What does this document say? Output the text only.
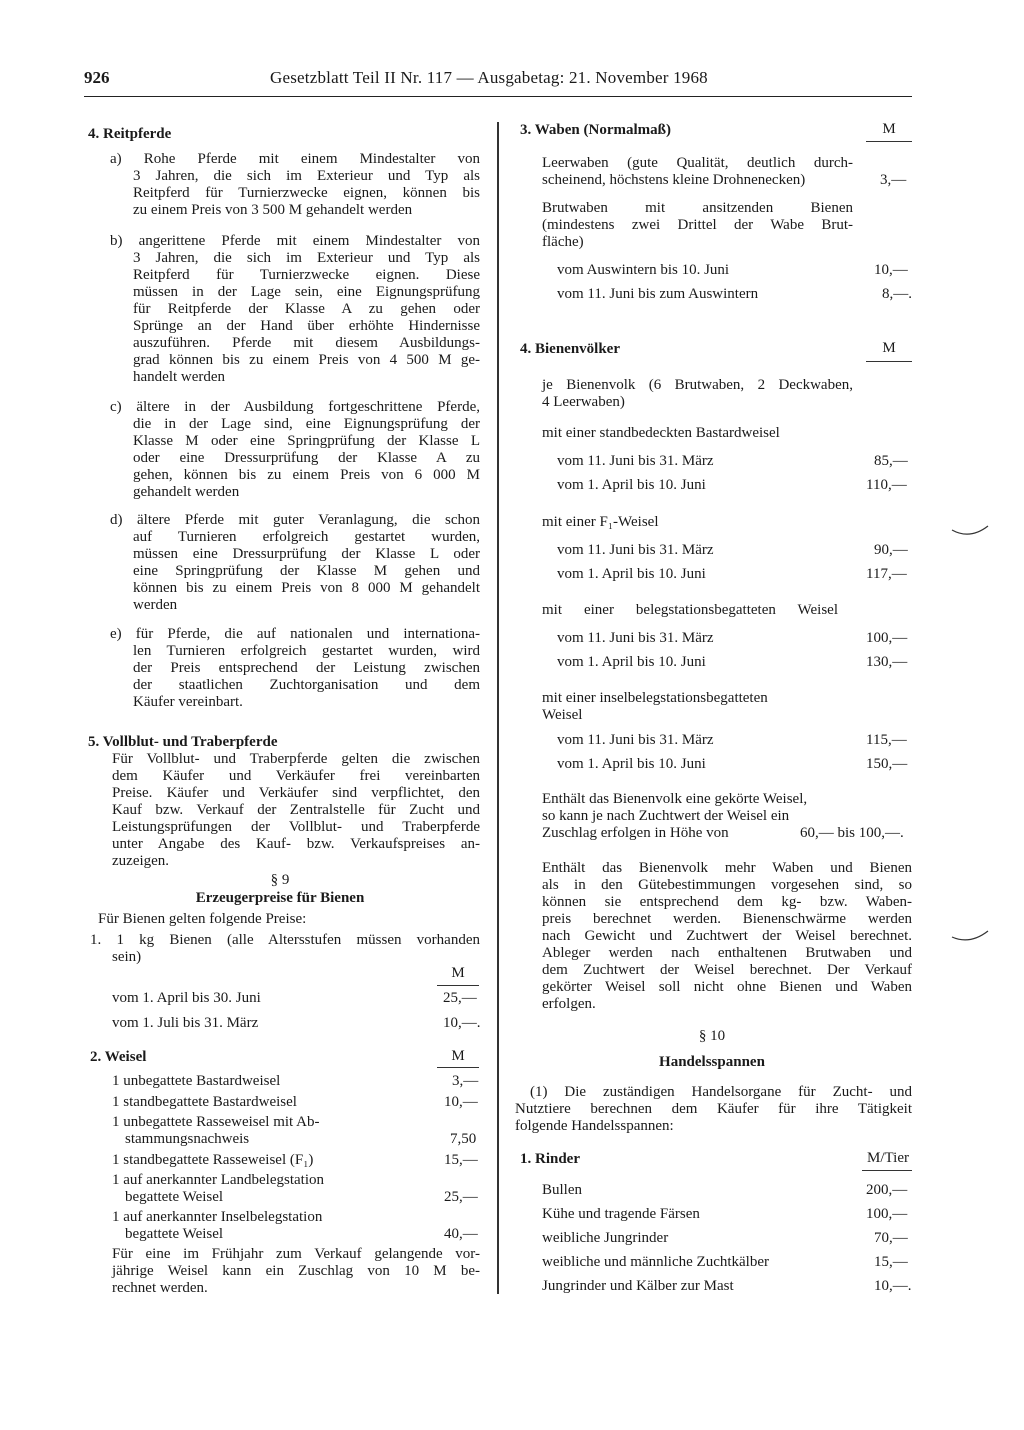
926	Gesetzblatt Teil II Nr. 117 — Ausgabetag: 21. November 1968
4. Reitpferde
a) Rohe Pferde mit einem Mindestalter von
3 Jahren, die sich im Exterieur und Typ als
Reitpferd für Turnierzwecke eignen, können bis
zu einem Preis von 3 500 M gehandelt werden
b) angerittene Pferde mit einem Mindestalter von
3 Jahren, die sich im Exterieur und Typ als
Reitpferd für Turnierzwecke eignen. Diese
müssen in der Lage sein, eine Eignungsprüfung
für Reitpferde der Klasse A zu gehen oder
Sprünge an der Hand über erhöhte Hindernisse
auszuführen. Pferde mit diesem Ausbildungs-
grad können bis zu einem Preis von 4 500 M ge-
handelt werden
c) ältere in der Ausbildung fortgeschrittene Pferde,
die in der Lage sind, eine Eignungsprüfung der
Klasse M oder eine Springprüfung der Klasse L
oder eine Dressurprüfung der Klasse A zu
gehen, können bis zu einem Preis von 6 000 M
gehandelt werden
d) ältere Pferde mit guter Veranlagung, die schon
auf Turnieren erfolgreich gestartet wurden,
müssen eine Dressurprüfung der Klasse L oder
eine Springprüfung der Klasse M gehen und
können bis zu einem Preis von 8 000 M gehandelt
werden
e) für Pferde, die auf nationalen und internationa-
len Turnieren erfolgreich gestartet wurden, wird
der Preis entsprechend der Leistung zwischen
der staatlichen Zuchtorganisation und dem
Käufer vereinbart.
5. Vollblut- und Traberpferde
Für Vollblut- und Traberpferde gelten die zwischen
dem Käufer und Verkäufer frei vereinbarten
Preise. Käufer und Verkäufer sind verpflichtet, den
Kauf bzw. Verkauf der Zentralstelle für Zucht und
Leistungsprüfungen der Vollblut- und Traberpferde
unter Angabe des Kauf- bzw. Verkaufspreises an-
zuzeigen.
§ 9
Erzeugerpreise für Bienen
Für Bienen gelten folgende Preise:
1. 1 kg Bienen (alle Altersstufen müssen vorhanden
sein)
M
vom 1. April bis 30. Juni	25,—
vom 1. Juli bis 31. März	10,—.
2. Weisel	M
1 unbegattete Bastardweisel	3,—
1 standbegattete Bastardweisel	10,—
1 unbegattete Rasseweisel mit Ab-
stammungsnachweis	7,50
1 standbegattete Rasseweisel (F₁)	15,—
1 auf anerkannter Landbelegstation
begattete Weisel	25,—
1 auf anerkannter Inselbelegstation
begattete Weisel	40,—
Für eine im Frühjahr zum Verkauf gelangende vor-
jährige Weisel kann ein Zuschlag von 10 M be-
rechnet werden.
3. Waben (Normalmaß)	M
Leerwaben (gute Qualität, deutlich durch-
scheinend, höchstens kleine Drohnenecken)	3,—
Brutwaben mit ansitzenden Bienen
(mindestens zwei Drittel der Wabe Brut-
fläche)
vom Auswintern bis 10. Juni	10,—
vom 11. Juni bis zum Auswintern	8,—.
4. Bienenvölker	M
je Bienenvolk (6 Brutwaben, 2 Deckwaben,
4 Leerwaben)
mit einer standbedeckten Bastardweisel
vom 11. Juni bis 31. März	85,—
vom 1. April bis 10. Juni	110,—
mit einer F₁-Weisel
vom 11. Juni bis 31. März	90,—
vom 1. April bis 10. Juni	117,—
mit einer belegstationsbegatteten Weisel
vom 11. Juni bis 31. März	100,—
vom 1. April bis 10. Juni	130,—
mit einer inselbelegstationsbegatteten
Weisel
vom 11. Juni bis 31. März	115,—
vom 1. April bis 10. Juni	150,—
Enthält das Bienenvolk eine gekörte Weisel,
so kann je nach Zuchtwert der Weisel ein
Zuschlag erfolgen in Höhe von	60,— bis 100,—.
Enthält das Bienenvolk mehr Waben und Bienen
als in den Gütebestimmungen vorgesehen sind, so
können sie entsprechend dem kg- bzw. Waben-
preis berechnet werden. Bienenschwärme werden
nach Gewicht und Zuchtwert der Weisel berechnet.
Ableger werden nach enthaltenen Brutwaben und
dem Zuchtwert der Weisel berechnet. Der Verkauf
gekörter Weisel soll nicht ohne Bienen und Waben
erfolgen.
§ 10
Handelsspannen
(1) Die zuständigen Handelsorgane für Zucht- und
Nutztiere berechnen dem Käufer für ihre Tätigkeit
folgende Handelsspannen:
1. Rinder	M/Tier
Bullen	200,—
Kühe und tragende Färsen	100,—
weibliche Jungrinder	70,—
weibliche und männliche Zuchtkälber	15,—
Jungrinder und Kälber zur Mast	10,—.
